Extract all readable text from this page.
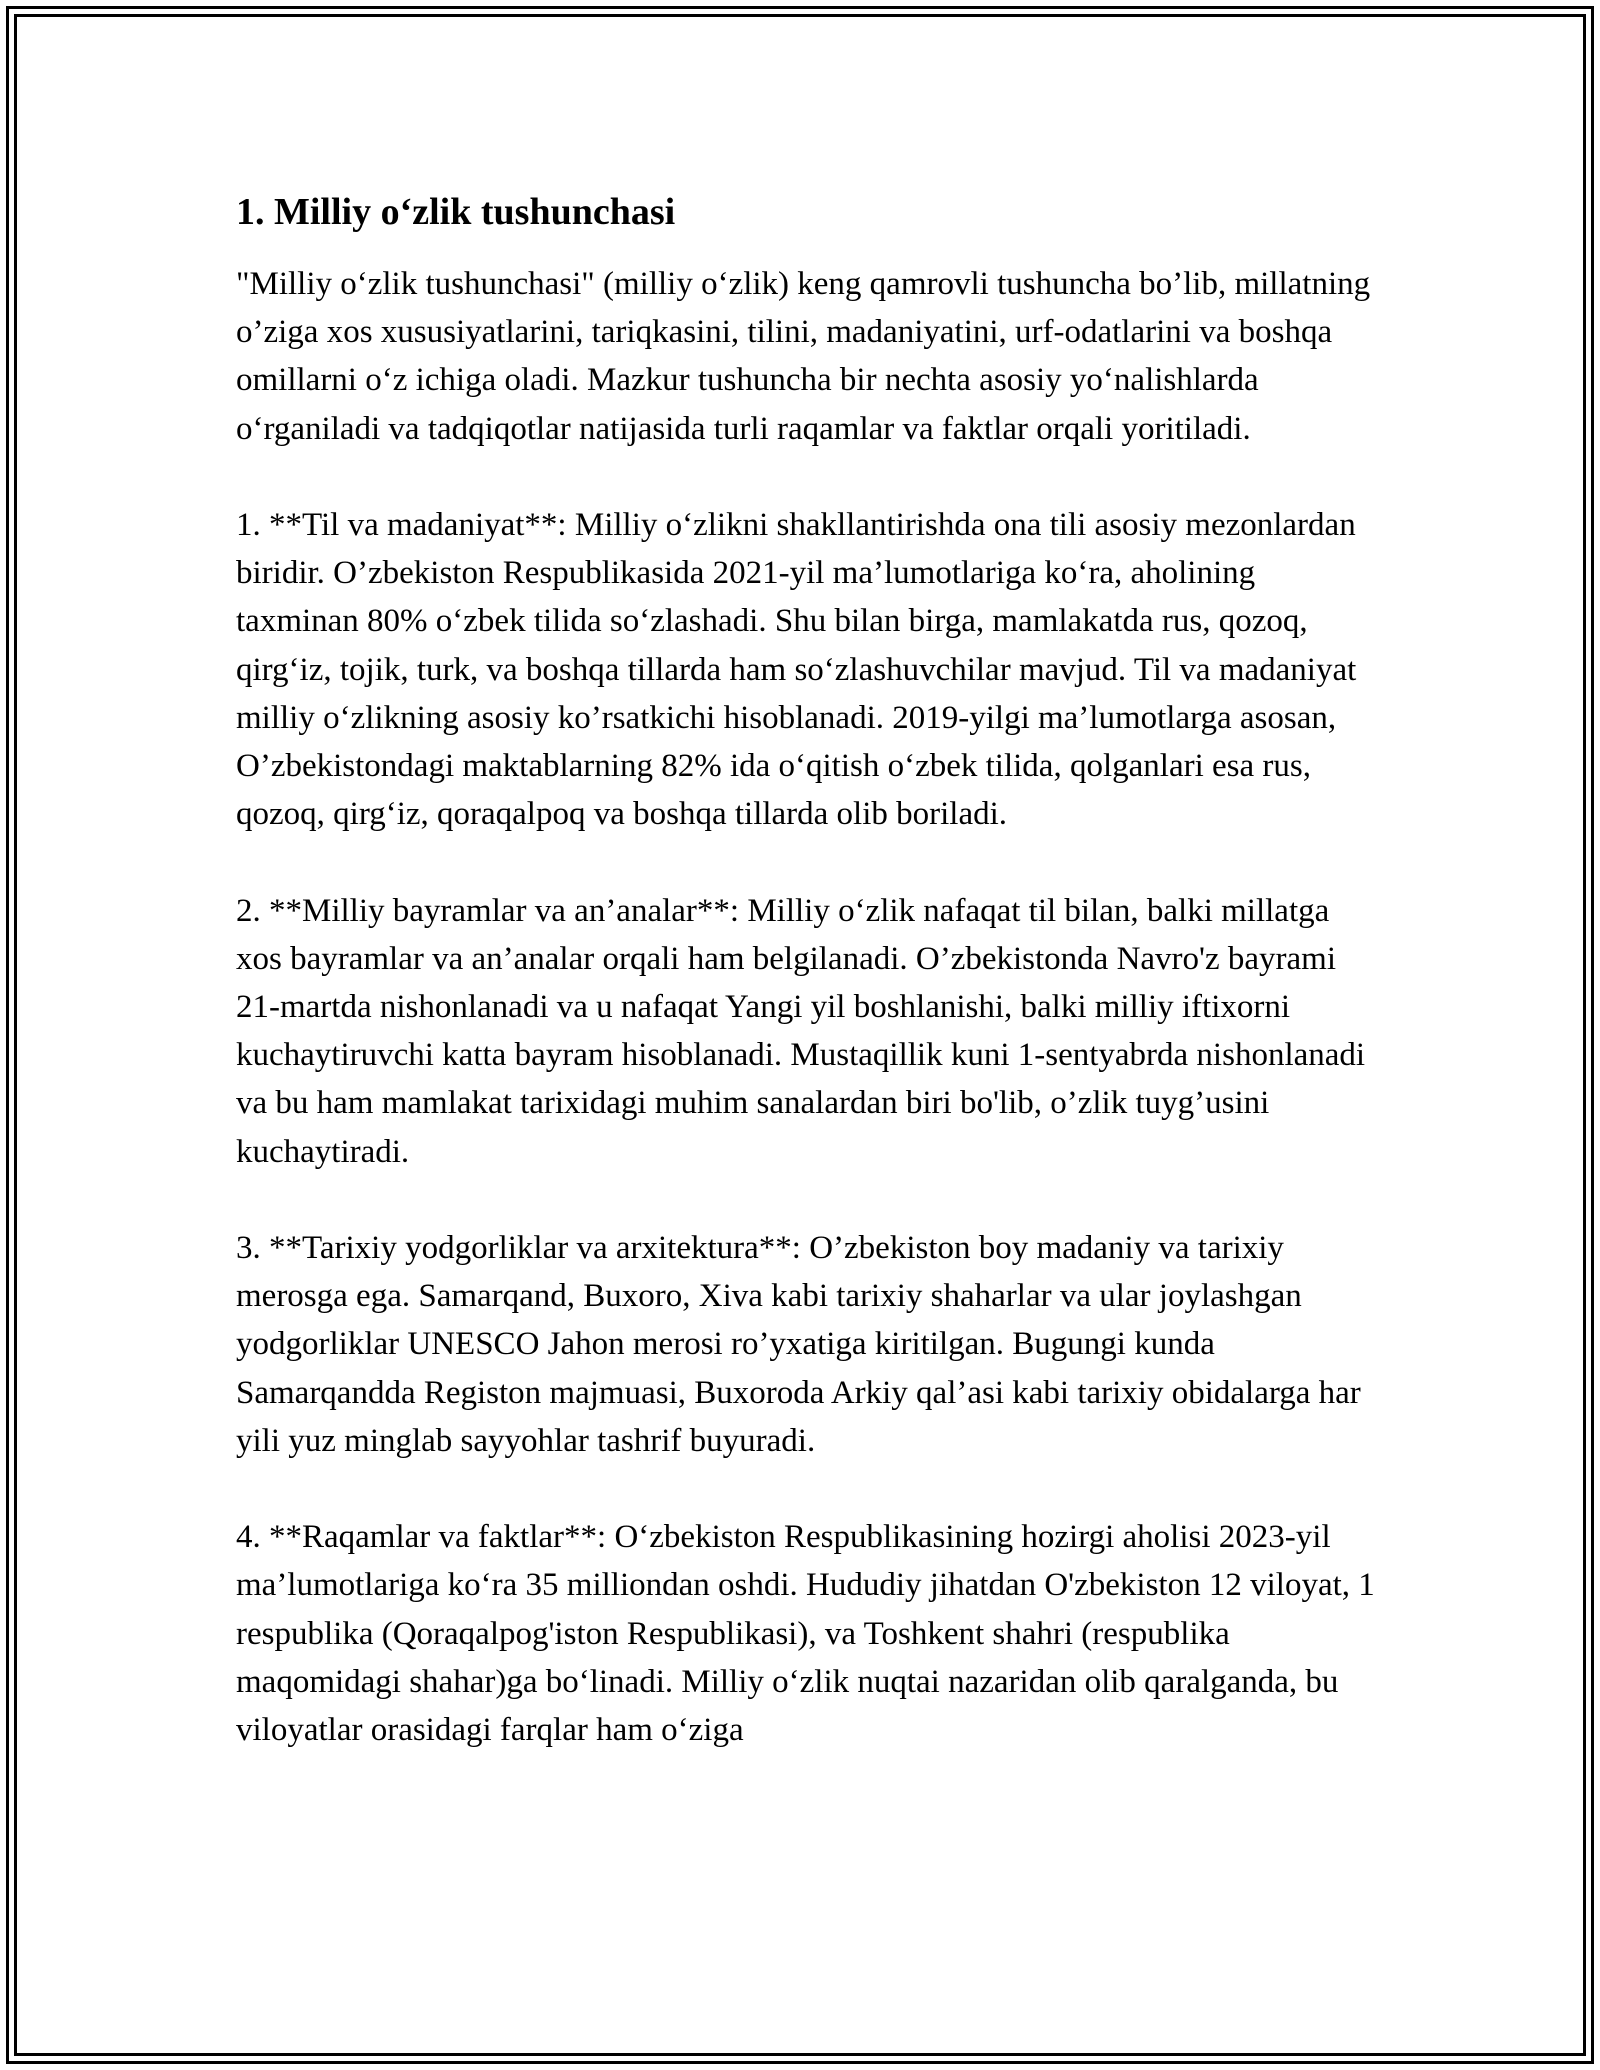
1. Milliy o‘zlik tushunchasi

"Milliy o‘zlik tushunchasi" (milliy o‘zlik) keng qamrovli tushuncha bo’lib, millatning o’ziga xos xususiyatlarini, tariqkasini, tilini, madaniyatini, urf-odatlarini va boshqa omillarni o‘z ichiga oladi. Mazkur tushuncha bir nechta asosiy yo‘nalishlarda o‘rganiladi va tadqiqotlar natijasida turli raqamlar va faktlar orqali yoritiladi.

1. **Til va madaniyat**: Milliy o‘zlikni shakllantirishda ona tili asosiy mezonlardan biridir. O’zbekiston Respublikasida 2021-yil ma’lumotlariga ko‘ra, aholining taxminan 80% o‘zbek tilida so‘zlashadi. Shu bilan birga, mamlakatda rus, qozoq, qirg‘iz, tojik, turk, va boshqa tillarda ham so‘zlashuvchilar mavjud. Til va madaniyat milliy o‘zlikning asosiy ko’rsatkichi hisoblanadi. 2019-yilgi ma’lumotlarga asosan, O’zbekistondagi maktablarning 82% ida o‘qitish o‘zbek tilida, qolganlari esa rus, qozoq, qirg‘iz, qoraqalpoq va boshqa tillarda olib boriladi.

2. **Milliy bayramlar va an’analar**: Milliy o‘zlik nafaqat til bilan, balki millatga xos bayramlar va an’analar orqali ham belgilanadi. O’zbekistonda Navro'z bayrami 21-martda nishonlanadi va u nafaqat Yangi yil boshlanishi, balki milliy iftixorni kuchaytiruvchi katta bayram hisoblanadi. Mustaqillik kuni 1-sentyabrda nishonlanadi va bu ham mamlakat tarixidagi muhim sanalardan biri bo'lib, o’zlik tuyg’usini kuchaytiradi.

3. **Tarixiy yodgorliklar va arxitektura**: O’zbekiston boy madaniy va tarixiy merosga ega. Samarqand, Buxoro, Xiva kabi tarixiy shaharlar va ular joylashgan yodgorliklar UNESCO Jahon merosi ro’yxatiga kiritilgan. Bugungi kunda Samarqandda Registon majmuasi, Buxoroda Arkiy qal’asi kabi tarixiy obidalarga har yili yuz minglab sayyohlar tashrif buyuradi.

4. **Raqamlar va faktlar**: O‘zbekiston Respublikasining hozirgi aholisi 2023-yil ma’lumotlariga ko‘ra 35 milliondan oshdi. Hududiy jihatdan O'zbekiston 12 viloyat, 1 respublika (Qoraqalpog'iston Respublikasi), va Toshkent shahri (respublika maqomidagi shahar)ga bo‘linadi. Milliy o‘zlik nuqtai nazaridan olib qaralganda, bu viloyatlar orasidagi farqlar ham o‘ziga
